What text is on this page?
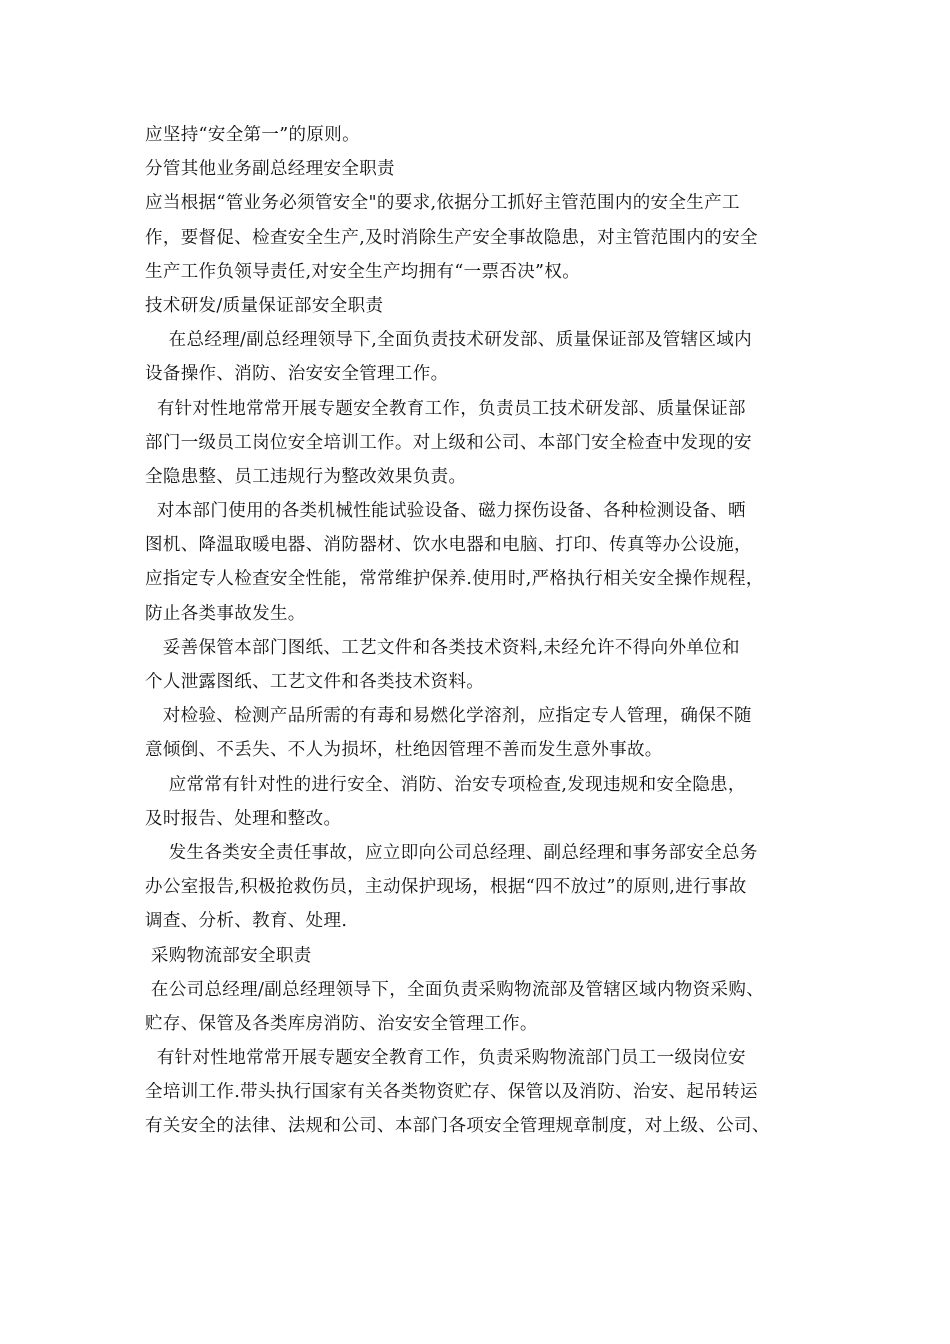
应坚持“安全第一”的原则。
分管其他业务副总经理安全职责
应当根据“管业务必须管安全"的要求,依据分工抓好主管范围内的安全生产工
作，要督促、检查安全生产,及时消除生产安全事故隐患，对主管范围内的安全
生产工作负领导责任,对安全生产均拥有“一票否决”权。
技术研发/质量保证部安全职责
在总经理/副总经理领导下,全面负责技术研发部、质量保证部及管辖区域内
设备操作、消防、治安安全管理工作。
有针对性地常常开展专题安全教育工作，负责员工技术研发部、质量保证部
部门一级员工岗位安全培训工作。对上级和公司、本部门安全检查中发现的安
全隐患整、员工违规行为整改效果负责。
对本部门使用的各类机械性能试验设备、磁力探伤设备、各种检测设备、晒
图机、降温取暖电器、消防器材、饮水电器和电脑、打印、传真等办公设施，
应指定专人检查安全性能，常常维护保养.使用时,严格执行相关安全操作规程，
防止各类事故发生。
妥善保管本部门图纸、工艺文件和各类技术资料,未经允许不得向外单位和
个人泄露图纸、工艺文件和各类技术资料。
对检验、检测产品所需的有毒和易燃化学溶剂，应指定专人管理，确保不随
意倾倒、不丢失、不人为损坏，杜绝因管理不善而发生意外事故。
应常常有针对性的进行安全、消防、治安专项检查,发现违规和安全隐患，
及时报告、处理和整改。
发生各类安全责任事故，应立即向公司总经理、副总经理和事务部安全总务
办公室报告,积极抢救伤员，主动保护现场，根据“四不放过”的原则,进行事故
调查、分析、教育、处理.
采购物流部安全职责
在公司总经理/副总经理领导下，全面负责采购物流部及管辖区域内物资采购、
贮存、保管及各类库房消防、治安安全管理工作。
有针对性地常常开展专题安全教育工作，负责采购物流部门员工一级岗位安
全培训工作.带头执行国家有关各类物资贮存、保管以及消防、治安、起吊转运
有关安全的法律、法规和公司、本部门各项安全管理规章制度，对上级、公司、
